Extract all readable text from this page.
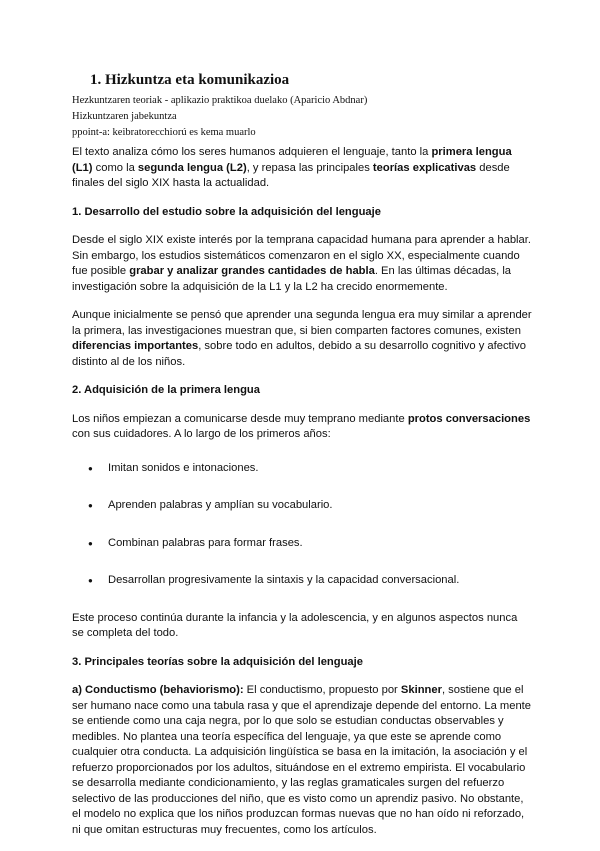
1. Hizkuntza eta komunikazioa

Hezkuntzaren teoriak - aplikazio praktikoa duelako (Aparicio Abdnar)

Hizkuntzaren jabekuntza

ppoint-a: keibratorecchiorú es kema muarlo

El texto analiza cómo los seres humanos adquieren el lenguaje, tanto la primera lengua (L1) como la segunda lengua (L2), y repasa las principales teorías explicativas desde finales del siglo XIX hasta la actualidad.

1. Desarrollo del estudio sobre la adquisición del lenguaje

Desde el siglo XIX existe interés por la temprana capacidad humana para aprender a hablar. Sin embargo, los estudios sistemáticos comenzaron en el siglo XX, especialmente cuando fue posible grabar y analizar grandes cantidades de habla. En las últimas décadas, la investigación sobre la adquisición de la L1 y la L2 ha crecido enormemente.

Aunque inicialmente se pensó que aprender una segunda lengua era muy similar a aprender la primera, las investigaciones muestran que, si bien comparten factores comunes, existen diferencias importantes, sobre todo en adultos, debido a su desarrollo cognitivo y afectivo distinto al de los niños.

2. Adquisición de la primera lengua

Los niños empiezan a comunicarse desde muy temprano mediante protos conversaciones con sus cuidadores. A lo largo de los primeros años:

● Imitan sonidos e intonaciones.
● Aprenden palabras y amplían su vocabulario.
● Combinan palabras para formar frases.
● Desarrollan progresivamente la sintaxis y la capacidad conversacional.

Este proceso continúa durante la infancia y la adolescencia, y en algunos aspectos nunca se completa del todo.

3. Principales teorías sobre la adquisición del lenguaje

a) Conductismo (behaviorismo): El conductismo, propuesto por Skinner, sostiene que el ser humano nace como una tabula rasa y que el aprendizaje depende del entorno. La mente se entiende como una caja negra, por lo que solo se estudian conductas observables y medibles. No plantea una teoría específica del lenguaje, ya que este se aprende como cualquier otra conducta. La adquisición lingüística se basa en la imitación, la asociación y el refuerzo proporcionados por los adultos, situándose en el extremo empirista. El vocabulario se desarrolla mediante condicionamiento, y las reglas gramaticales surgen del refuerzo selectivo de las producciones del niño, que es visto como un aprendiz pasivo. No obstante, el modelo no explica que los niños produzcan formas nuevas que no han oído ni reforzado, ni que omitan estructuras muy frecuentes, como los artículos.
